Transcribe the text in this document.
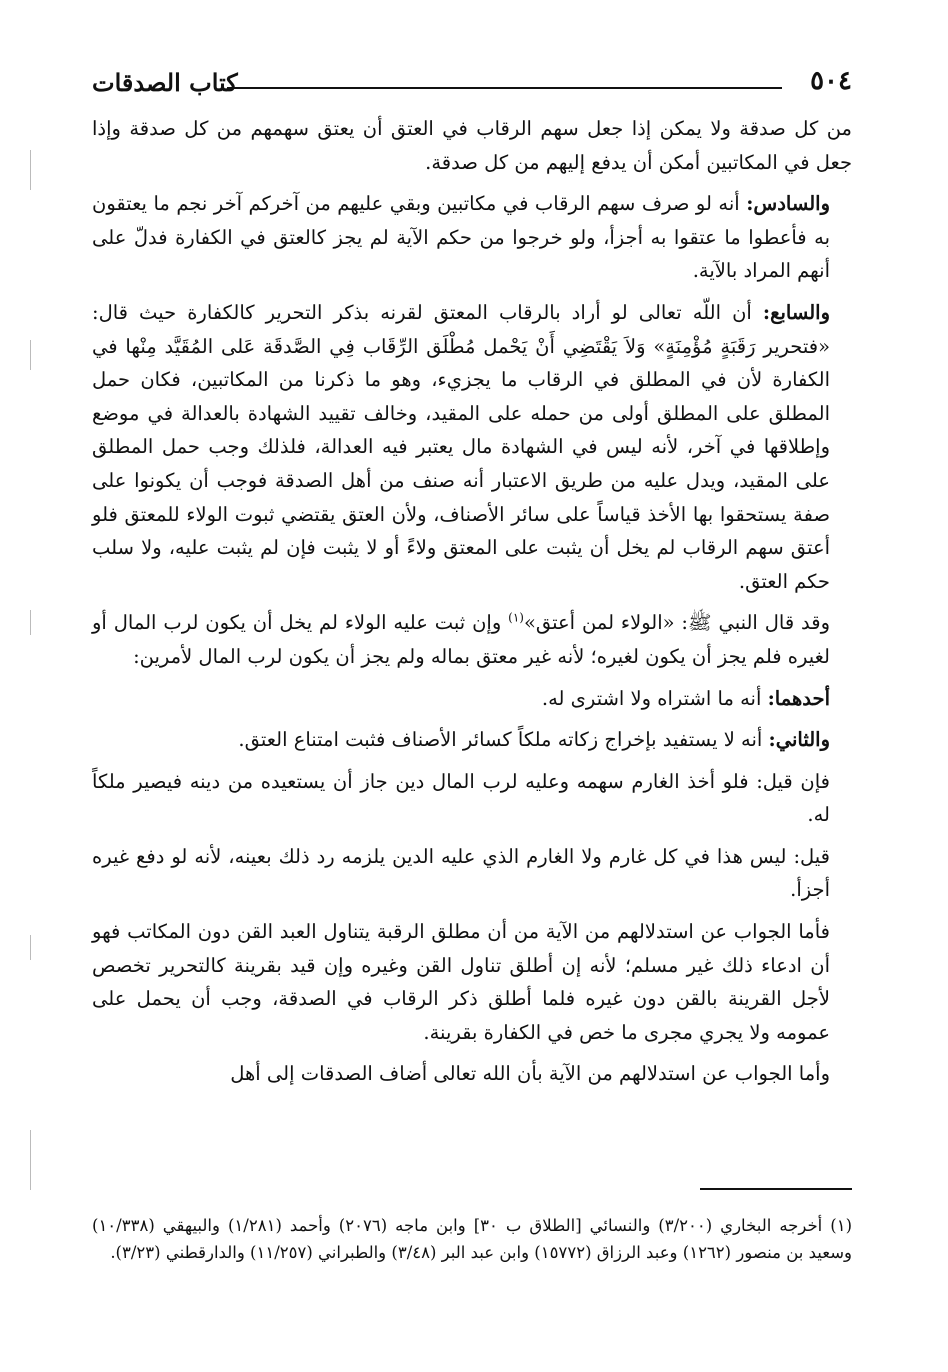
٥٠٤
كتاب الصدقات

من كل صدقة ولا يمكن إذا جعل سهم الرقاب في العتق أن يعتق سهمهم من كل صدقة وإذا جعل في المكاتبين أمكن أن يدفع إليهم من كل صدقة.

والسادس: أنه لو صرف سهم الرقاب في مكاتبين وبقي عليهم من آخركم آخر نجم ما يعتقون به فأعطوا ما عتقوا به أجزأ، ولو خرجوا من حكم الآية لم يجز كالعتق في الكفارة فدلّ على أنهم المراد بالآية.

والسابع: أن اللّه تعالى لو أراد بالرقاب المعتق لقرنه بذكر التحرير كالكفارة حيث قال: «فتحرير رَقَبَةٍ مُؤْمِنَةٍ» وَلاَ يَقْتَضِي أَنْ يَحْمل مُطْلَق الرِّقَاب فِي الصَّدقَة عَلى المُقَيَّد مِنْها في الكفارة لأن في المطلق في الرقاب ما يجزيء، وهو ما ذكرنا من المكاتبين، فكان حمل المطلق على المطلق أولى من حمله على المقيد، وخالف تقييد الشهادة بالعدالة في موضع وإطلاقها في آخر، لأنه ليس في الشهادة مال يعتبر فيه العدالة، فلذلك وجب حمل المطلق على المقيد، ويدل عليه من طريق الاعتبار أنه صنف من أهل الصدقة فوجب أن يكونوا على صفة يستحقوا بها الأخذ قياساً على سائر الأصناف، ولأن العتق يقتضي ثبوت الولاء للمعتق فلو أعتق سهم الرقاب لم يخل أن يثبت على المعتق ولاءً أو لا يثبت فإن لم يثبت عليه، ولا سلب حكم العتق.

وقد قال النبي ﷺ: «الولاء لمن أعتق»$^{(١)}$ وإن ثبت عليه الولاء لم يخل أن يكون لرب المال أو لغيره فلم يجز أن يكون لغيره؛ لأنه غير معتق بماله ولم يجز أن يكون لرب المال لأمرين:

أحدهما: أنه ما اشتراه ولا اشترى له.

والثاني: أنه لا يستفيد بإخراج زكاته ملكاً كسائر الأصناف فثبت امتناع العتق.

فإن قيل: فلو أخذ الغارم سهمه وعليه لرب المال دين جاز أن يستعيده من دينه فيصير ملكاً له.

قيل: ليس هذا في كل غارم ولا الغارم الذي عليه الدين يلزمه رد ذلك بعينه، لأنه لو دفع غيره أجزأ.

فأما الجواب عن استدلالهم من الآية من أن مطلق الرقبة يتناول العبد القن دون المكاتب فهو أن ادعاء ذلك غير مسلم؛ لأنه إن أطلق تناول القن وغيره وإن قيد بقرينة كالتحرير تخصص لأجل القرينة بالقن دون غيره فلما أطلق ذكر الرقاب في الصدقة، وجب أن يحمل على عمومه ولا يجري مجرى ما خص في الكفارة بقرينة.

وأما الجواب عن استدلالهم من الآية بأن الله تعالى أضاف الصدقات إلى أهل

(١) أخرجه البخاري (٣/٢٠٠) والنسائي [الطلاق ب ٣٠] وابن ماجه (٢٠٧٦) وأحمد (١/٢٨١) والبيهقي (١٠/٣٣٨) وسعيد بن منصور (١٢٦٢) وعبد الرزاق (١٥٧٧٢) وابن عبد البر (٣/٤٨) والطبراني (١١/٢٥٧) والدارقطني (٣/٢٣).
